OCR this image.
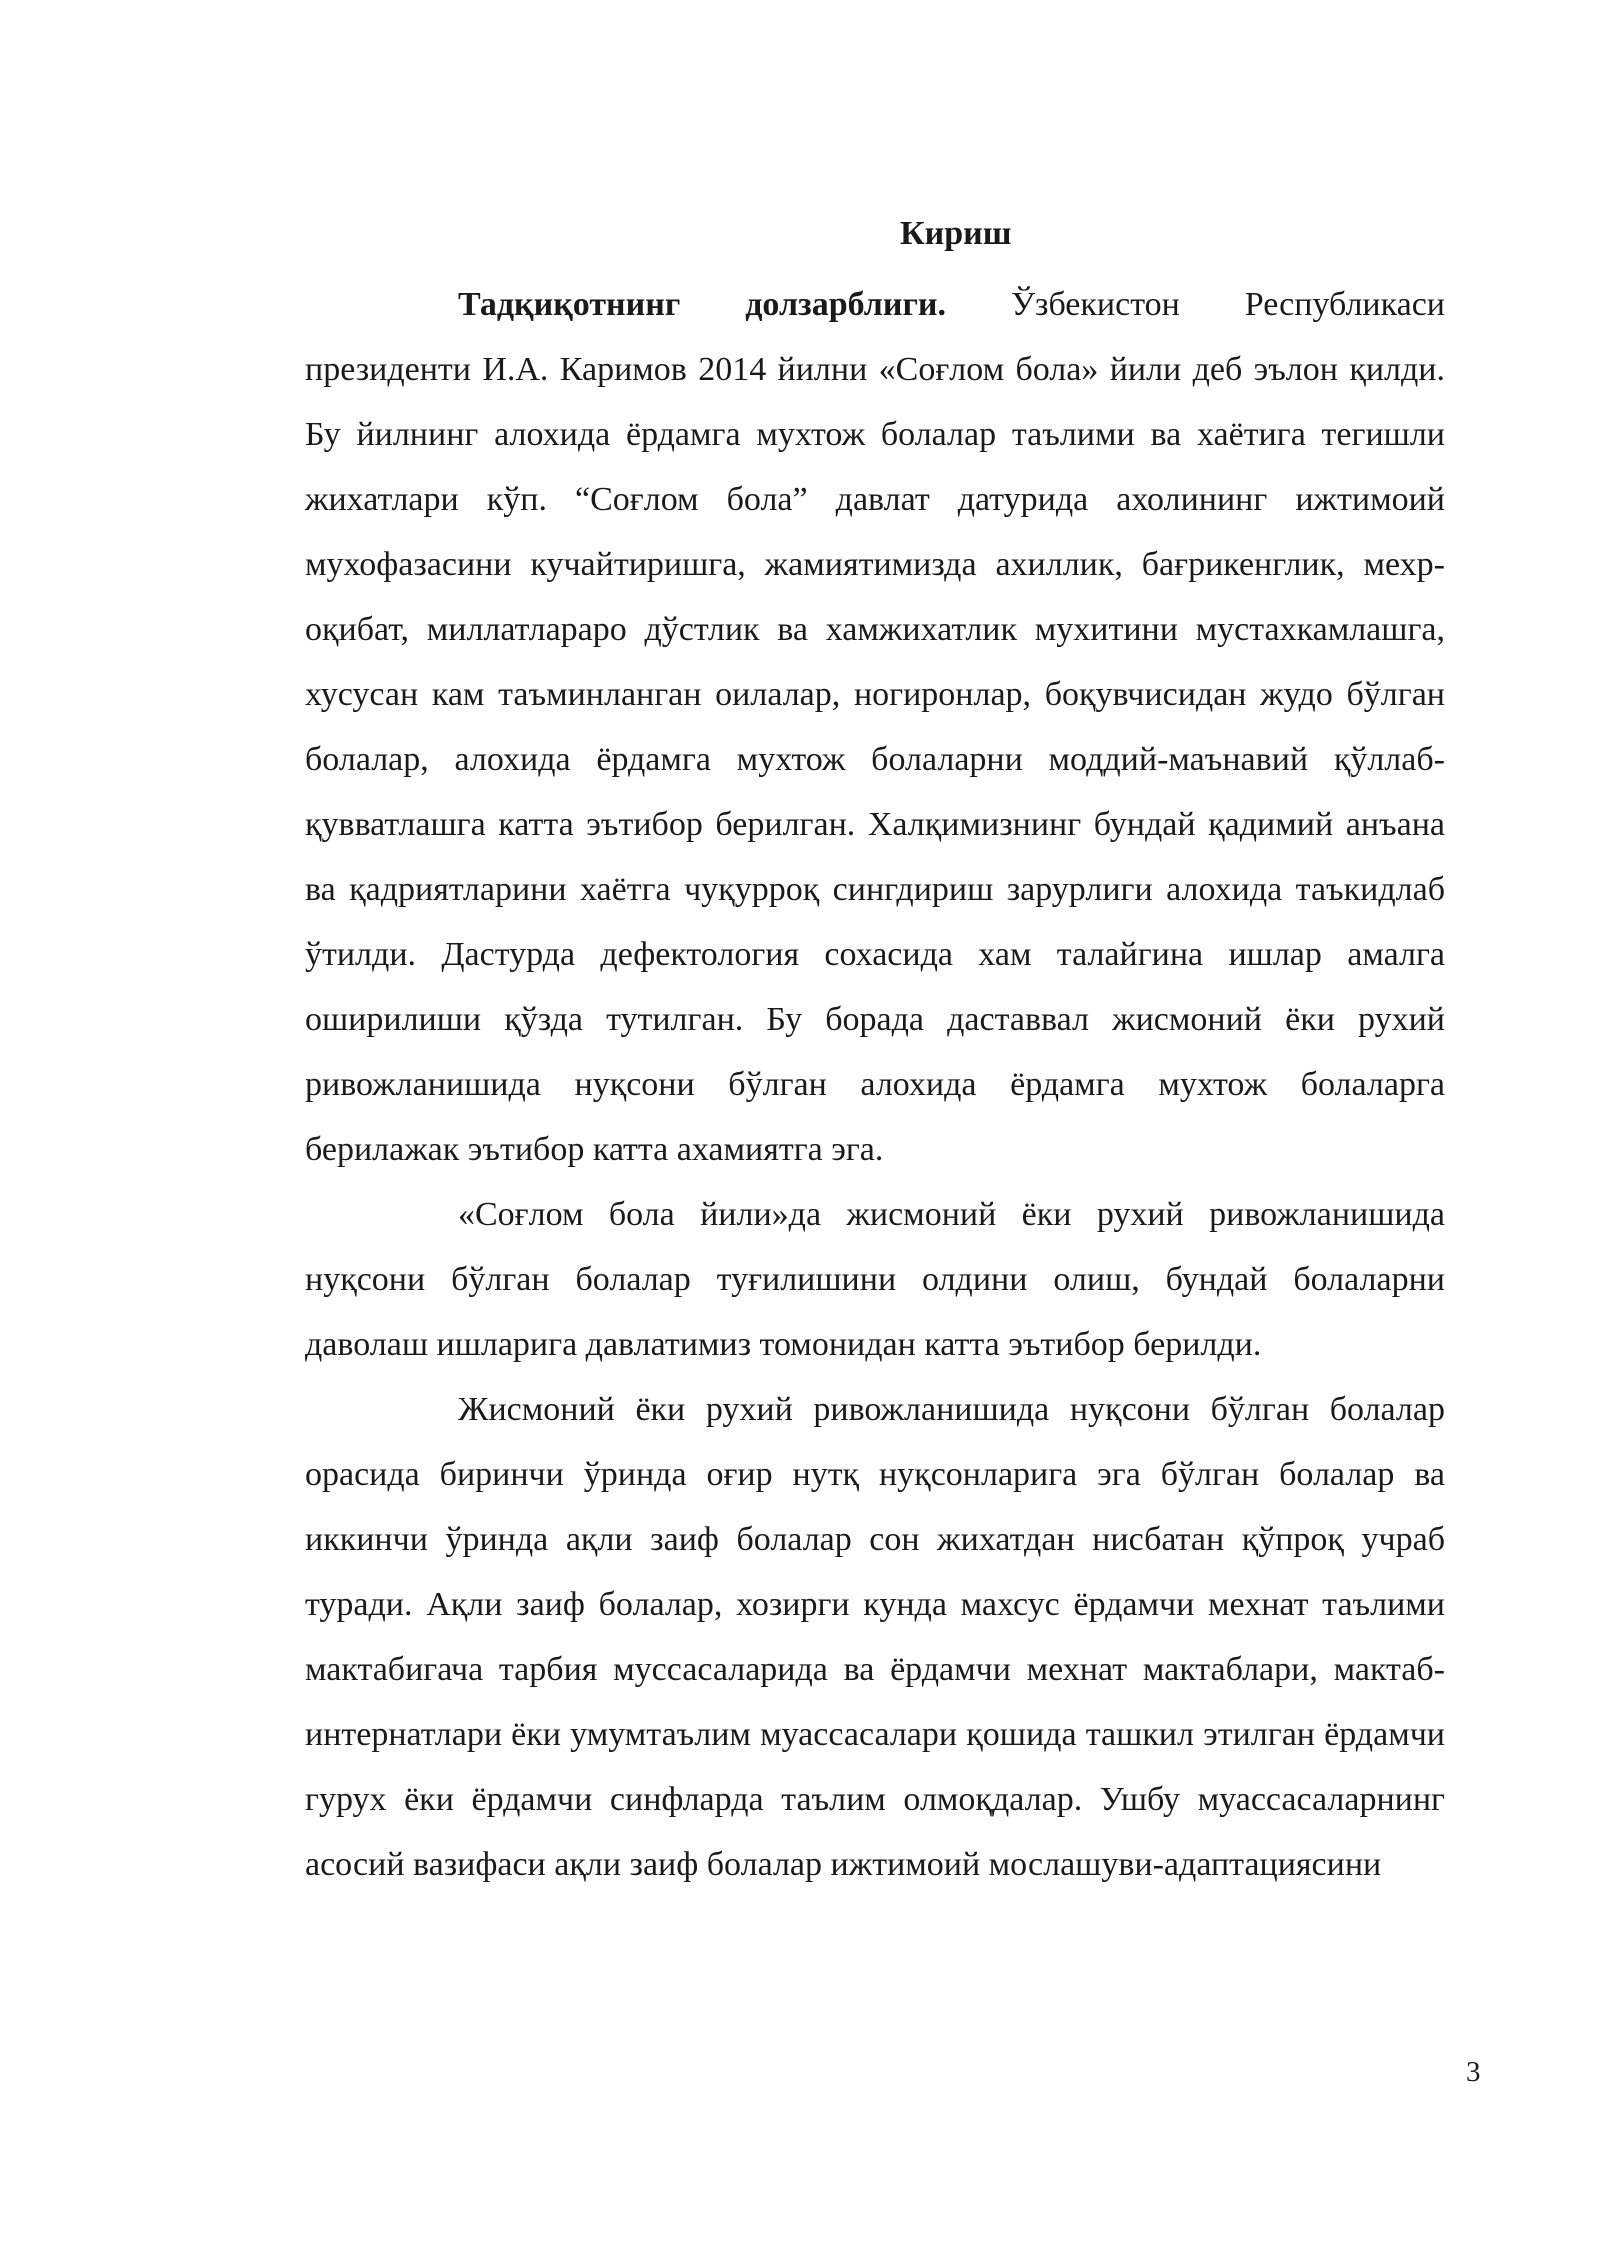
Кириш

Тадқиқотнинг долзарблиги. Ўзбекистон Республикаси президенти И.А. Каримов 2014 йилни «Соғлом бола» йили деб эълон қилди. Бу йилнинг алохида ёрдамга мухтож болалар таълими ва хаётига тегишли жихатлари кўп. “Соғлом бола” давлат датурида ахолининг ижтимоий мухофазасини кучайтиришга, жамиятимизда ахиллик, бағрикенглик, мехр-оқибат, миллатлараро дўстлик ва хамжихатлик мухитини мустахкамлашга, хусусан кам таъминланган оилалар, ногиронлар, боқувчисидан жудо бўлган болалар, алохида ёрдамга мухтож болаларни моддий-маънавий қўллаб-қувватлашга катта эътибор берилган. Халқимизнинг бундай қадимий анъана ва қадриятларини хаётга чуқурроқ сингдириш зарурлиги алохида таъкидлаб ўтилди. Дастурда дефектология сохасида хам талайгина ишлар амалга оширилиши қўзда тутилган. Бу борада даставвал жисмоний ёки рухий ривожланишида нуқсони бўлган алохида ёрдамга мухтож болаларга берилажак эътибор катта ахамиятга эга.

«Соғлом бола йили»да жисмоний ёки рухий ривожланишида нуқсони бўлган болалар туғилишини олдини олиш, бундай болаларни даволаш ишларига давлатимиз томонидан катта эътибор берилди.

Жисмоний ёки рухий ривожланишида нуқсони бўлган болалар орасида биринчи ўринда оғир нутқ нуқсонларига эга бўлган болалар ва иккинчи ўринда ақли заиф болалар сон жихатдан нисбатан қўпроқ учраб туради. Ақли заиф болалар, хозирги кунда махсус ёрдамчи мехнат таълими мактабигача тарбия муссасаларида ва ёрдамчи мехнат мактаблари, мактаб-интернатлари ёки умумтаълим муассасалари қошида ташкил этилган ёрдамчи гурух ёки ёрдамчи синфларда таълим олмоқдалар. Ушбу муассасаларнинг асосий вазифаси ақли заиф болалар ижтимоий мослашуви-адаптациясини

3
